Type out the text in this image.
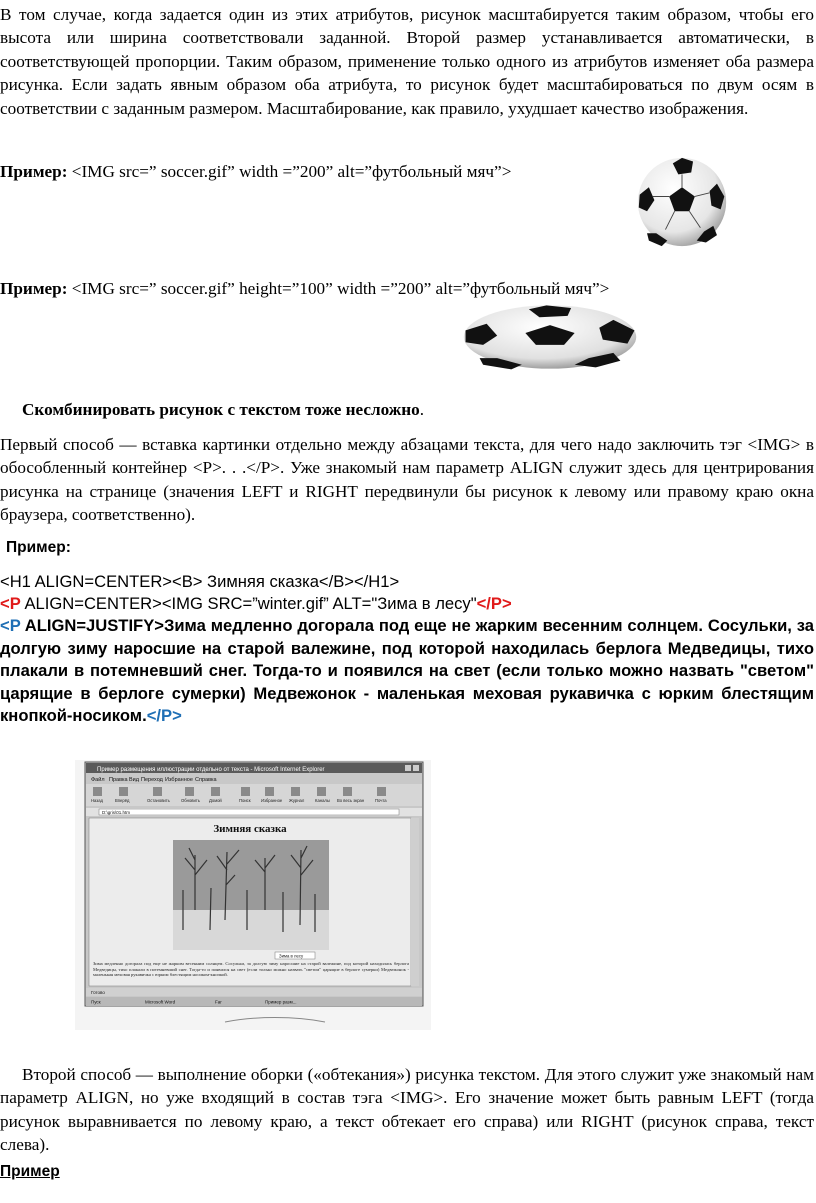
В том случае, когда задается один из этих атрибутов, рисунок масштабируется таким образом, чтобы его высота или ширина соответствовали заданной. Второй размер устанавливается автоматически, в соответствующей пропорции. Таким образом, применение только одного из атрибутов изменяет оба размера рисунка. Если задать явным образом оба атрибута, то рисунок будет масштабироваться по двум осям в соответствии с заданным размером. Масштабирование, как правило, ухудшает качество изображения.

Пример: <IMG src=” soccer.gif” width =”200” alt=”футбольный мяч”>
Пример: <IMG src=” soccer.gif” height=”100” width =”200” alt=”футбольный мяч”>
Скомбинировать рисунок с текстом тоже несложно.

Первый способ — вставка картинки отдельно между абзацами текста, для чего надо заключить тэг <IMG> в обособленный контейнер <P>. . .</P>. Уже знакомый нам параметр ALIGN служит здесь для центрирования рисунка на странице (значения LEFT и RIGHT передвинули бы рисунок к левому или правому краю окна браузера, соответственно).

Пример:
<H1 ALIGN=CENTER><B> Зимняя сказка</B></H1>
<P ALIGN=CENTER><IMG SRC=”winter.gif” ALT="Зима в лесу"</P>
<P ALIGN=JUSTIFY>Зима медленно догорала под еще не жарким весенним солнцем. Сосульки, за долгую зиму наросшие на старой валежине, под которой находилась берлога Медведицы, тихо плакали в потемневший снег. Тогда-то и появился на свет (если только можно назвать "светом" царящие в берлоге сумерки) Медвежонок - маленькая меховая рукавичка с юрким блестящим кнопкой-носиком.</P>
Пример размещения иллюстрации отдельно от текста - Microsoft Internet Explorer
Файл Правка Вид Переход Избранное Справка
Назад	Вперёд	Остановить	Обновить Домой	Поиск Избранное Журнал	Каналы Во весь экран	Почта
D:\gris\01.htm
Зимняя сказка
Зима в лесу
Зима медленно догорала под еще не жарким весенним солнцем. Сосульки, за долгую зиму наросшие на старой валежине, под которой находилась берлога Медведицы, тихо плакали в потемневший снег. Тогда-то и появился на свет (если только можно назвать "светом" царящие в берлоге сумерки) Медвежонок - маленькая меховая рукавичка с юрким блестящим носиком-кнопкой.
Готово
Пуск	Microsoft Word	Far	Пример разм...

Второй способ — выполнение оборки («обтекания») рисунка текстом. Для этого служит уже знакомый нам параметр ALIGN, но уже входящий в состав тэга <IMG>. Его значение может быть равным LEFT (тогда рисунок выравнивается по левому краю, а текст обтекает его справа) или RIGHT (рисунок справа, текст слева).

Пример
